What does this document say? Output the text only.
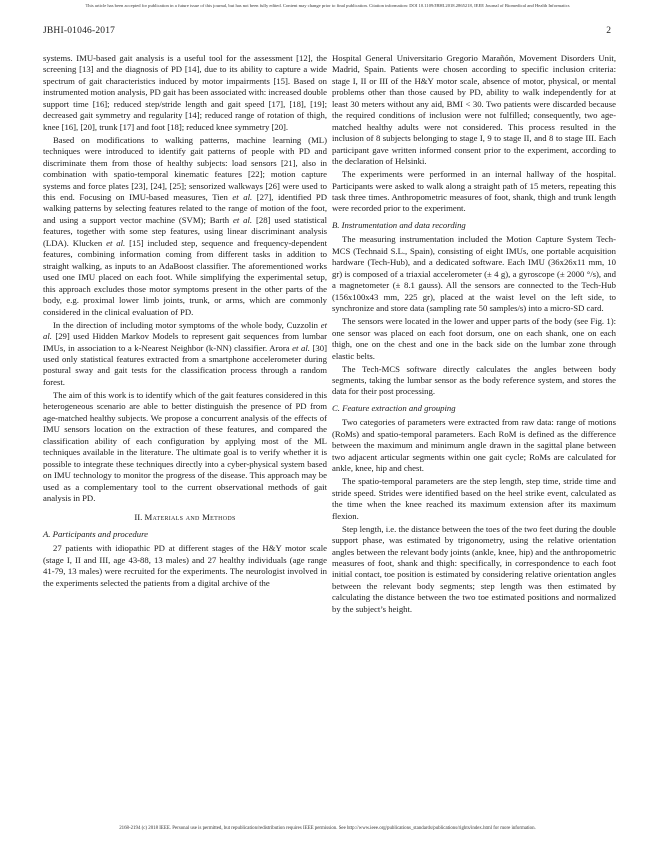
This article has been accepted for publication in a future issue of this journal, but has not been fully edited. Content may change prior to final publication. Citation information: DOI 10.1109/JBHI.2018.2865218, IEEE Journal of Biomedical and Health Informatics
JBHI-01046-2017	2

systems. IMU-based gait analysis is a useful tool for the assessment [12], the screening [13] and the diagnosis of PD [14], due to its ability to capture a wide spectrum of gait characteristics induced by motor impairments [15]. Based on instrumented motion analysis, PD gait has been associated with: increased double support time [16]; reduced step/stride length and gait speed [17], [18], [19]; decreased gait symmetry and regularity [14]; reduced range of rotation of thigh, knee [16], [20], trunk [17] and foot [18]; reduced knee symmetry [20].

Based on modifications to walking patterns, machine learning (ML) techniques were introduced to identify gait patterns of people with PD and discriminate them from those of healthy subjects: load sensors [21], also in combination with spatio-temporal kinematic features [22]; motion capture systems and force plates [23], [24], [25]; sensorized walkways [26] were used to this end. Focusing on IMU-based measures, Tien et al. [27], identified PD walking patterns by selecting features related to the range of motion of the foot, and using a support vector machine (SVM); Barth et al. [28] used statistical features, together with some step features, using linear discriminant analysis (LDA). Klucken et al. [15] included step, sequence and frequency-dependent features, combining information coming from different tasks in addition to straight walking, as inputs to an AdaBoost classifier. The aforementioned works used one IMU placed on each foot. While simplifying the experimental setup, this approach excludes those motor symptoms present in the other parts of the body, e.g. proximal lower limb joints, trunk, or arms, which are commonly considered in the clinical evaluation of PD.

In the direction of including motor symptoms of the whole body, Cuzzolin et al. [29] used Hidden Markov Models to represent gait sequences from lumbar IMUs, in association to a k-Nearest Neighbor (k-NN) classifier. Arora et al. [30] used only statistical features extracted from a smartphone accelerometer during postural sway and gait tests for the classification process through a random forest.

The aim of this work is to identify which of the gait features considered in this heterogeneous scenario are able to better distinguish the presence of PD from age-matched healthy subjects. We propose a concurrent analysis of the effects of IMU sensors location on the extraction of these features, and compared the classification ability of each configuration by applying most of the ML techniques available in the literature. The ultimate goal is to verify whether it is possible to integrate these techniques directly into a cyber-physical system based on IMU technology to monitor the progress of the disease. This approach may be used as a complementary tool to the current observational methods of gait analysis in PD.

II. Materials and Methods
A. Participants and procedure

27 patients with idiopathic PD at different stages of the H&Y motor scale (stage I, II and III, age 43-88, 13 males) and 27 healthy individuals (age range 41-79, 13 males) were recruited for the experiments. The neurologist involved in the experiments selected the patients from a digital archive of the

Hospital General Universitario Gregorio Marañón, Movement Disorders Unit, Madrid, Spain. Patients were chosen according to specific inclusion criteria: stage I, II or III of the H&Y motor scale, absence of motor, physical, or mental problems other than those caused by PD, ability to walk independently for at least 30 meters without any aid, BMI < 30. Two patients were discarded because the required conditions of inclusion were not fulfilled; consequently, two age-matched healthy adults were not considered. This process resulted in the inclusion of 8 subjects belonging to stage I, 9 to stage II, and 8 to stage III. Each participant gave written informed consent prior to the experiment, according to the declaration of Helsinki.

The experiments were performed in an internal hallway of the hospital. Participants were asked to walk along a straight path of 15 meters, repeating this task three times. Anthropometric measures of foot, shank, thigh and trunk length were recorded prior to the experiment.

B. Instrumentation and data recording

The measuring instrumentation included the Motion Capture System Tech-MCS (Technaid S.L., Spain), consisting of eight IMUs, one portable acquisition hardware (Tech-Hub), and a dedicated software. Each IMU (36x26x11 mm, 10 gr) is composed of a triaxial accelerometer (± 4 g), a gyroscope (± 2000 °/s), and a magnetometer (± 8.1 gauss). All the sensors are connected to the Tech-Hub (156x100x43 mm, 225 gr), placed at the waist level on the left side, to synchronize and store data (sampling rate 50 samples/s) into a micro-SD card.

The sensors were located in the lower and upper parts of the body (see Fig. 1): one sensor was placed on each foot dorsum, one on each shank, one on each thigh, one on the chest and one in the back side on the lumbar zone through elastic belts.

The Tech-MCS software directly calculates the angles between body segments, taking the lumbar sensor as the body reference system, and stores the data for their post processing.

C. Feature extraction and grouping

Two categories of parameters were extracted from raw data: range of motions (RoMs) and spatio-temporal parameters. Each RoM is defined as the difference between the maximum and minimum angle drawn in the sagittal plane between two adjacent articular segments within one gait cycle; RoMs are calculated for ankle, knee, hip and chest.

The spatio-temporal parameters are the step length, step time, stride time and stride speed. Strides were identified based on the heel strike event, calculated as the time when the knee reached its maximum extension after its maximum flexion.

Step length, i.e. the distance between the toes of the two feet during the double support phase, was estimated by trigonometry, using the relative orientation angles between the relevant body joints (ankle, knee, hip) and the anthropometric measures of foot, shank and thigh: specifically, in correspondence to each foot initial contact, toe position is estimated by considering relative orientation angles between the relevant body segments; step length was then estimated by calculating the distance between the two toe estimated positions and normalized by the subject’s height.

2168-2194 (c) 2018 IEEE. Personal use is permitted, but republication/redistribution requires IEEE permission. See http://www.ieee.org/publications_standards/publications/rights/index.html for more information.
